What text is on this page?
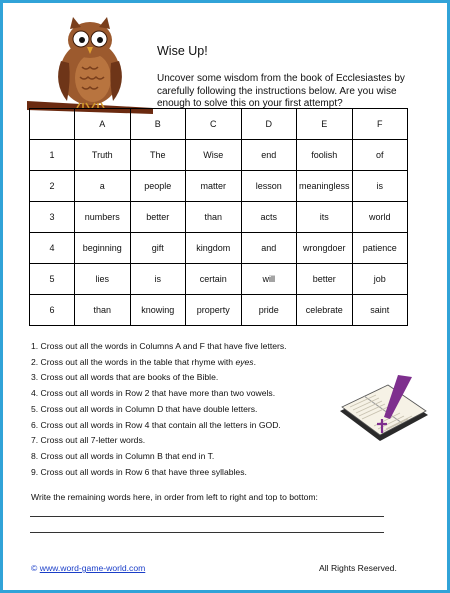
Wise Up!
Uncover some wisdom from the book of Ecclesiastes by carefully following the instructions below. Are you wise enough to solve this on your first attempt?
	A	B	C	D	E	F
1	Truth	The	Wise	end	foolish	of
2	a	people	matter	lesson	meaningless	is
3	numbers	better	than	acts	its	world
4	beginning	gift	kingdom	and	wrongdoer	patience
5	lies	is	certain	will	better	job
6	than	knowing	property	pride	celebrate	saint
1. Cross out all the words in Columns A and F that have five letters.
2. Cross out all the words in the table that rhyme with eyes.
3. Cross out all words that are books of the Bible.
4. Cross out all words in Row 2 that have more than two vowels.
5. Cross out all words in Column D that have double letters.
6. Cross out all words in Row 4 that contain all the letters in GOD.
7. Cross out all 7-letter words.
8. Cross out all words in Column B that end in T.
9. Cross out all words in Row 6 that have three syllables.
Write the remaining words here, in order from left to right and top to bottom:
© www.word-game-world.com	All Rights Reserved.
